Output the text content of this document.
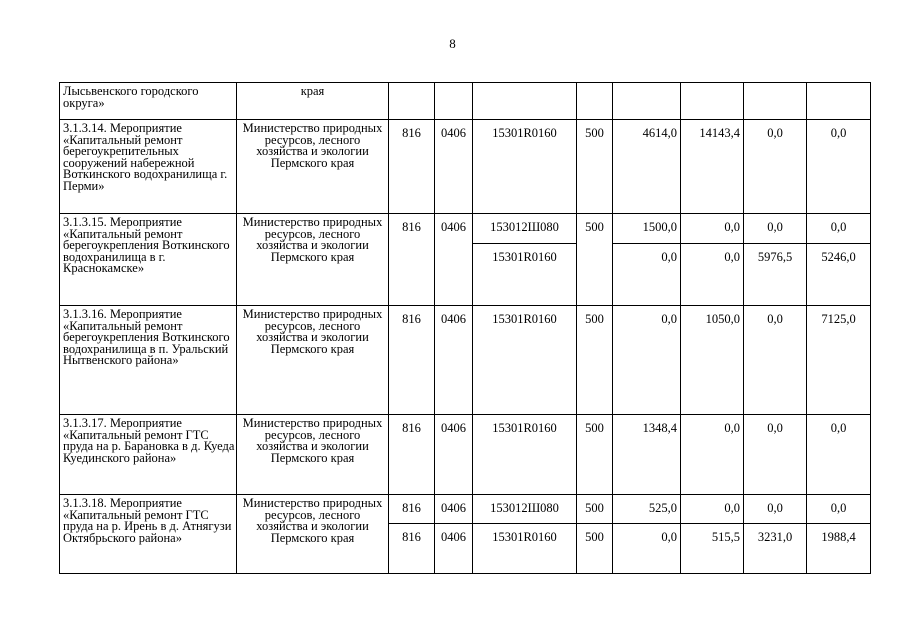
8
Лысьвенского городского округа»	края								
3.1.3.14. Мероприятие «Капитальный ремонт берегоукрепительных сооружений набережной Воткинского водохранилища г. Перми»	Министерство природных ресурсов, лесного хозяйства и экологии Пермского края	816	0406	15301R0160	500	4614,0	14143,4	0,0	0,0
3.1.3.15. Мероприятие «Капитальный ремонт берегоукрепления Воткинского водохранилища в г. Краснокамске»	Министерство природных ресурсов, лесного хозяйства и экологии Пермского края	816	0406	153012Ш080	500	1500,0	0,0	0,0	0,0
				15301R0160		0,0	0,0	5976,5	5246,0
3.1.3.16. Мероприятие «Капитальный ремонт берегоукрепления Воткинского водохранилища в п. Уральский Нытвенского района»	Министерство природных ресурсов, лесного хозяйства и экологии Пермского края	816	0406	15301R0160	500	0,0	1050,0	0,0	7125,0
3.1.3.17. Мероприятие «Капитальный ремонт ГТС пруда на р. Барановка в д. Куеда Куединского района»	Министерство природных ресурсов, лесного хозяйства и экологии Пермского края	816	0406	15301R0160	500	1348,4	0,0	0,0	0,0
3.1.3.18. Мероприятие «Капитальный ремонт ГТС пруда на р. Ирень в д. Атнягузи Октябрьского района»	Министерство природных ресурсов, лесного хозяйства и экологии Пермского края	816	0406	153012Ш080	500	525,0	0,0	0,0	0,0
		816	0406	15301R0160	500	0,0	515,5	3231,0	1988,4
